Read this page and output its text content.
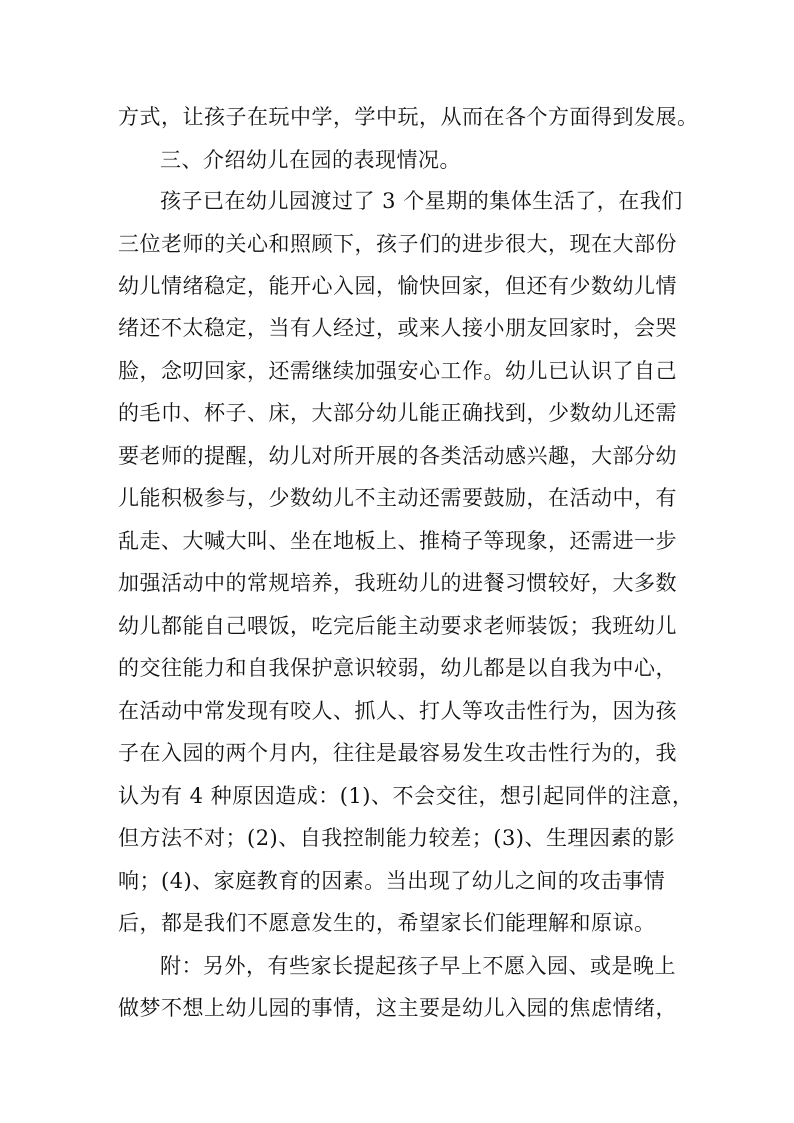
方式，让孩子在玩中学，学中玩，从而在各个方面得到发展。
三、介绍幼儿在园的表现情况。
孩子已在幼儿园渡过了 3 个星期的集体生活了，在我们
三位老师的关心和照顾下，孩子们的进步很大，现在大部份
幼儿情绪稳定，能开心入园，愉快回家，但还有少数幼儿情
绪还不太稳定，当有人经过，或来人接小朋友回家时，会哭
脸，念叨回家，还需继续加强安心工作。幼儿已认识了自己
的毛巾、杯子、床，大部分幼儿能正确找到，少数幼儿还需
要老师的提醒，幼儿对所开展的各类活动感兴趣，大部分幼
儿能积极参与，少数幼儿不主动还需要鼓励，在活动中，有
乱走、大喊大叫、坐在地板上、推椅子等现象，还需进一步
加强活动中的常规培养，我班幼儿的进餐习惯较好，大多数
幼儿都能自己喂饭，吃完后能主动要求老师装饭；我班幼儿
的交往能力和自我保护意识较弱，幼儿都是以自我为中心，
在活动中常发现有咬人、抓人、打人等攻击性行为，因为孩
子在入园的两个月内，往往是最容易发生攻击性行为的，我
认为有 4 种原因造成：(1)、不会交往，想引起同伴的注意，
但方法不对；(2)、自我控制能力较差；(3)、生理因素的影
响；(4)、家庭教育的因素。当出现了幼儿之间的攻击事情
后，都是我们不愿意发生的，希望家长们能理解和原谅。
附：另外，有些家长提起孩子早上不愿入园、或是晚上
做梦不想上幼儿园的事情，这主要是幼儿入园的焦虑情绪，
